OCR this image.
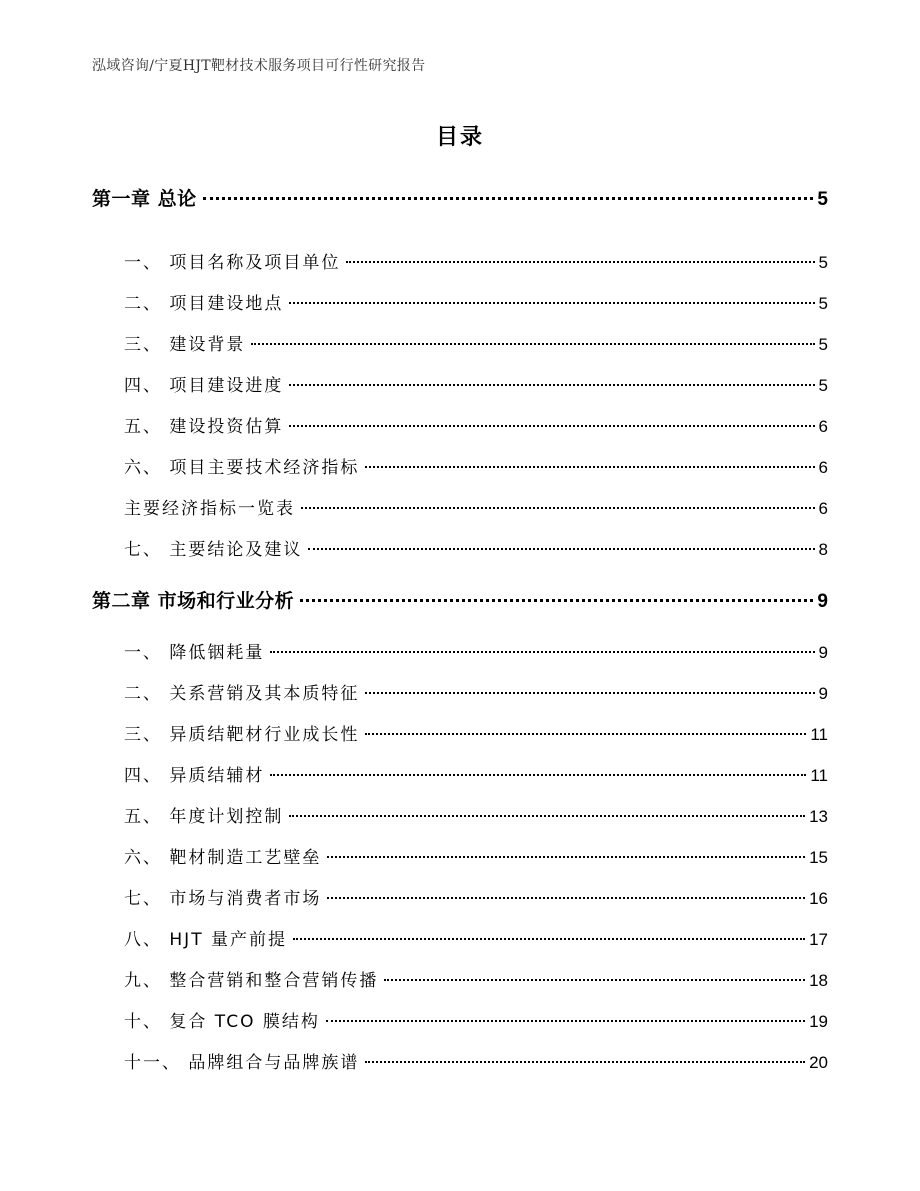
泓域咨询/宁夏HJT靶材技术服务项目可行性研究报告
目录
第一章 总论	5
一、 项目名称及项目单位	5
二、 项目建设地点	5
三、 建设背景	5
四、 项目建设进度	5
五、 建设投资估算	6
六、 项目主要技术经济指标	6
主要经济指标一览表	6
七、 主要结论及建议	8
第二章 市场和行业分析	9
一、 降低铟耗量	9
二、 关系营销及其本质特征	9
三、 异质结靶材行业成长性	11
四、 异质结辅材	11
五、 年度计划控制	13
六、 靶材制造工艺壁垒	15
七、 市场与消费者市场	16
八、 HJT 量产前提	17
九、 整合营销和整合营销传播	18
十、 复合 TCO 膜结构	19
十一、 品牌组合与品牌族谱	20
